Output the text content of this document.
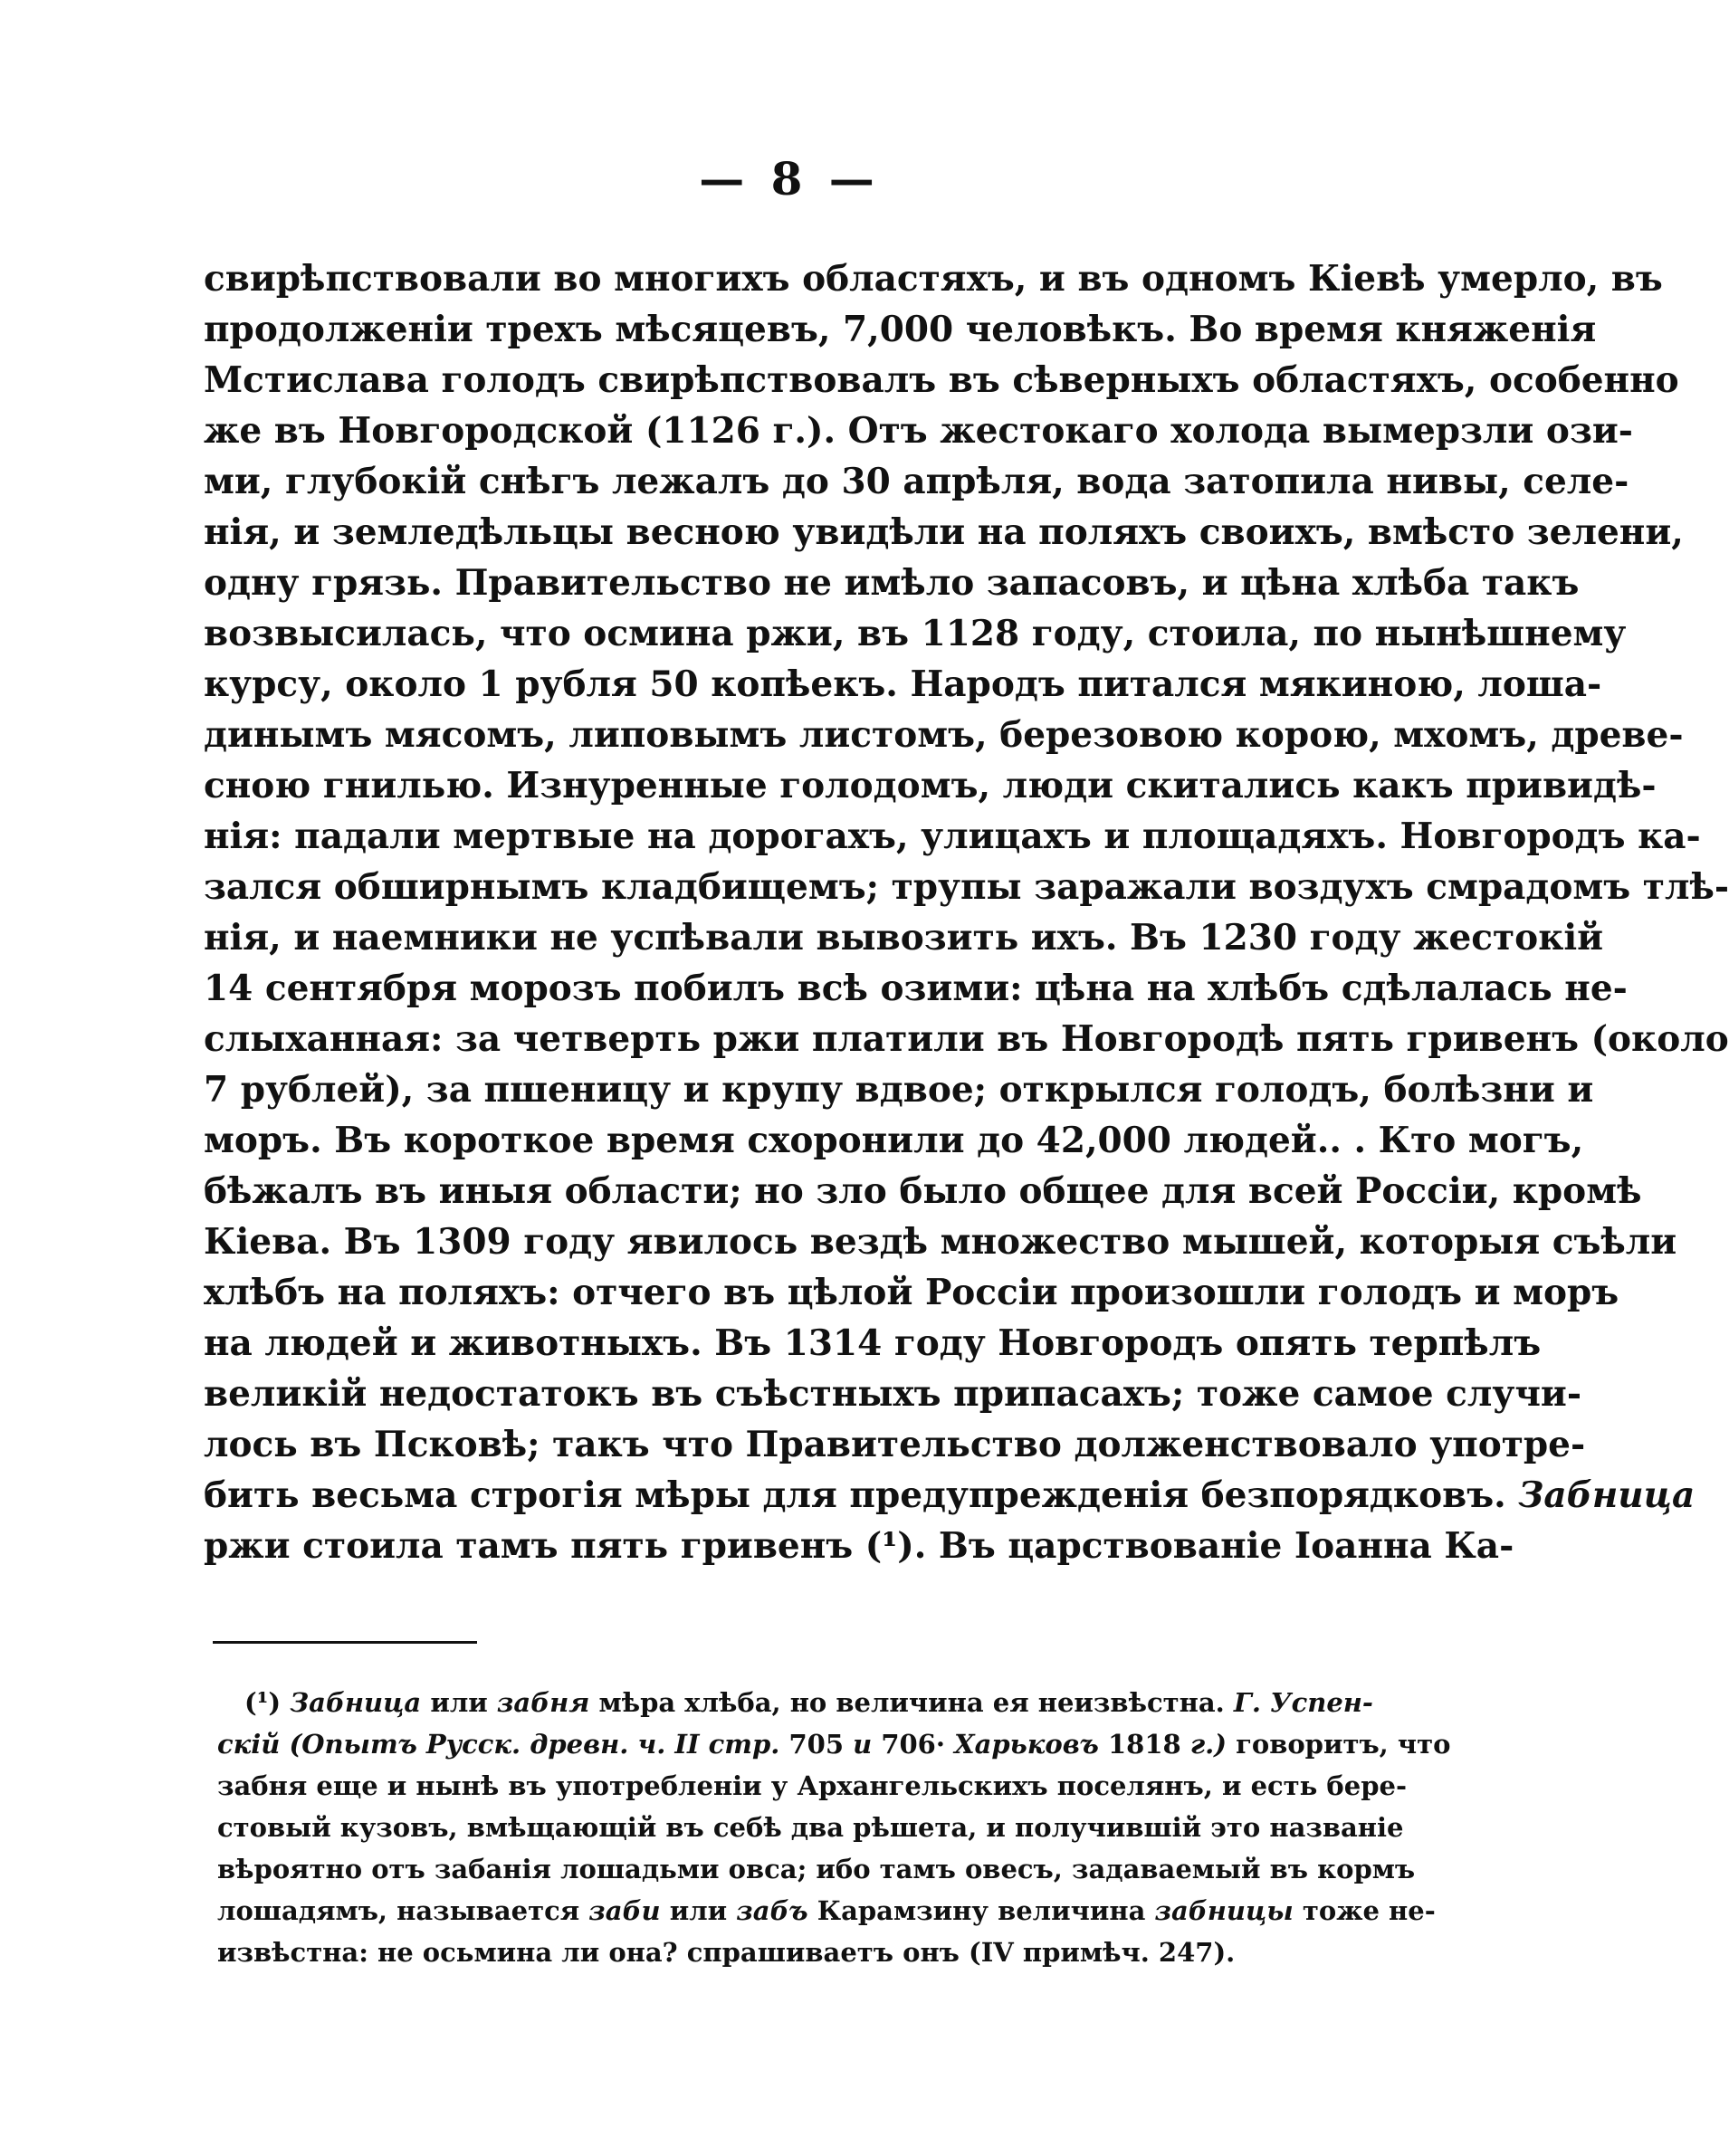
— 8 —
свирѣпствовали во многихъ областяхъ, и въ одномъ Кіевѣ умерло, въ
продолженіи трехъ мѣсяцевъ, 7,000 человѣкъ. Во время княженія
Мстислава голодъ свирѣпствовалъ въ сѣверныхъ областяхъ, особенно
же въ Новгородской (1126 г.). Отъ жестокаго холода вымерзли ози-
ми, глубокій снѣгъ лежалъ до 30 апрѣля, вода затопила нивы, селе-
нія, и земледѣльцы весною увидѣли на поляхъ своихъ, вмѣсто зелени,
одну грязь. Правительство не имѣло запасовъ, и цѣна хлѣба такъ
возвысилась, что осмина ржи, въ 1128 году, стоила, по нынѣшнему
курсу, около 1 рубля 50 копѣекъ. Народъ питался мякиною, лоша-
динымъ мясомъ, липовымъ листомъ, березовою корою, мхомъ, древе-
сною гнилью. Изнуренные голодомъ, люди скитались какъ привидѣ-
нія: падали мертвые на дорогахъ, улицахъ и площадяхъ. Новгородъ ка-
зался обширнымъ кладбищемъ; трупы заражали воздухъ смрадомъ тлѣ-
нія, и наемники не успѣвали вывозить ихъ. Въ 1230 году жестокій
14 сентября морозъ побилъ всѣ озими: цѣна на хлѣбъ сдѣлалась не-
слыханная: за четверть ржи платили въ Новгородѣ пять гривенъ (около
7 рублей), за пшеницу и крупу вдвое; открылся голодъ, болѣзни и
моръ. Въ короткое время схоронили до 42,000 людей.. . Кто могъ,
бѣжалъ въ иныя области; но зло было общее для всей Россіи, кромѣ
Кіева. Въ 1309 году явилось вездѣ множество мышей, которыя съѣли
хлѣбъ на поляхъ: отчего въ цѣлой Россіи произошли голодъ и моръ
на людей и животныхъ. Въ 1314 году Новгородъ опять терпѣлъ
великій недостатокъ въ съѣстныхъ припасахъ; тоже самое случи-
лось въ Псковѣ; такъ что Правительство долженствовало употре-
бить весьма строгія мѣры для предупрежденія безпорядковъ. Забница
ржи стоила тамъ пять гривенъ (¹). Въ царствованіе Іоанна Ка-
(¹) Забница или забня мѣра хлѣба, но величина ея неизвѣстна. Г. Успен-
скій (Опытъ Русск. древн. ч. II стр. 705 и 706· Харьковъ 1818 г.) говоритъ, что
забня еще и нынѣ въ употребленіи у Архангельскихъ поселянъ, и есть бере-
стовый кузовъ, вмѣщающій въ себѣ два рѣшета, и получившій это названіе
вѣроятно отъ забанія лошадьми овса; ибо тамъ овесъ, задаваемый въ кормъ
лошадямъ, называется заби или забъ Карамзину величина забницы тоже не-
извѣстна: не осьмина ли она? спрашиваетъ онъ (IV примѣч. 247).
